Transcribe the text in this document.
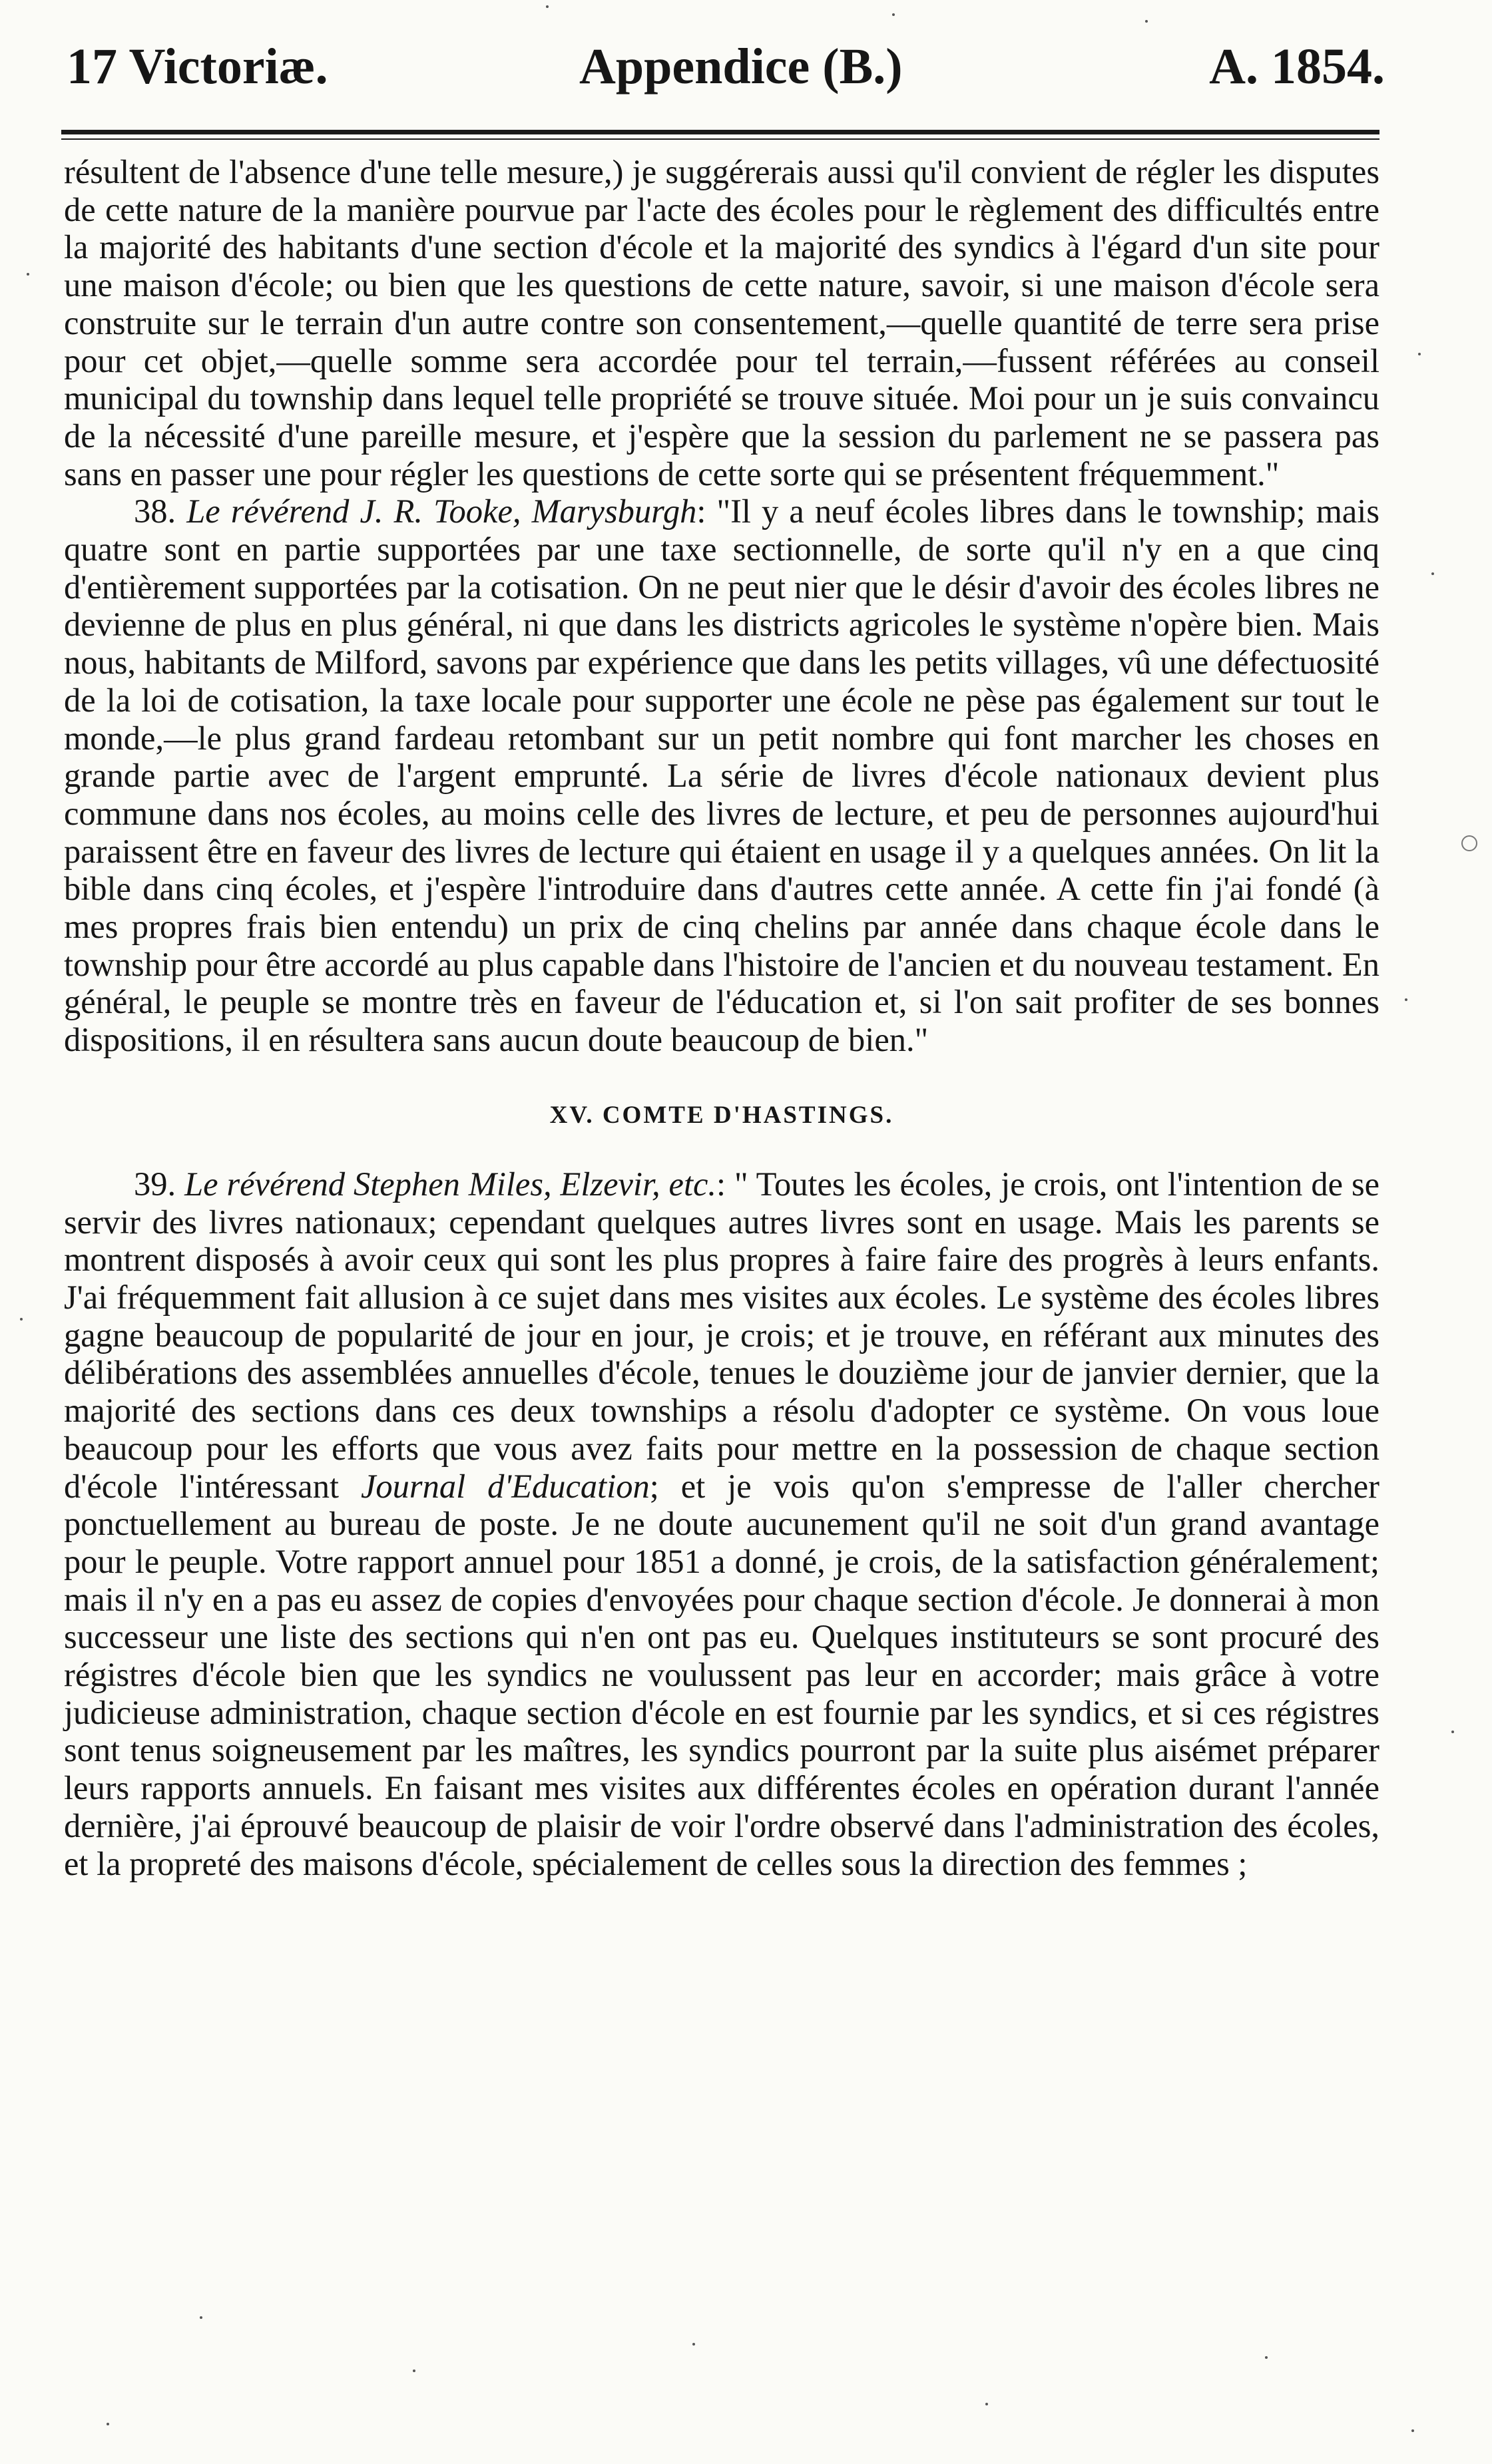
17 Victoriæ.	Appendice (B.)	A. 1854.

résultent de l'absence d'une telle mesure,) je suggérerais aussi qu'il convient de régler les disputes de cette nature de la manière pourvue par l'acte des écoles pour le règlement des difficultés entre la majorité des habitants d'une section d'école et la majorité des syndics à l'égard d'un site pour une maison d'école; ou bien que les questions de cette nature, savoir, si une maison d'école sera construite sur le terrain d'un autre contre son consentement,—quelle quantité de terre sera prise pour cet objet,—quelle somme sera accordée pour tel terrain,—fussent référées au conseil municipal du township dans lequel telle propriété se trouve située. Moi pour un je suis convaincu de la nécessité d'une pareille mesure, et j'espère que la session du parlement ne se passera pas sans en passer une pour régler les questions de cette sorte qui se présentent fréquemment."

38. Le révérend J. R. Tooke, Marysburgh: "Il y a neuf écoles libres dans le township; mais quatre sont en partie supportées par une taxe sectionnelle, de sorte qu'il n'y en a que cinq d'entièrement supportées par la cotisation. On ne peut nier que le désir d'avoir des écoles libres ne devienne de plus en plus général, ni que dans les districts agricoles le système n'opère bien. Mais nous, habitants de Milford, savons par expérience que dans les petits villages, vû une défectuosité de la loi de cotisation, la taxe locale pour supporter une école ne pèse pas également sur tout le monde,—le plus grand fardeau retombant sur un petit nombre qui font marcher les choses en grande partie avec de l'argent emprunté. La série de livres d'école nationaux devient plus commune dans nos écoles, au moins celle des livres de lecture, et peu de personnes aujourd'hui paraissent être en faveur des livres de lecture qui étaient en usage il y a quelques années. On lit la bible dans cinq écoles, et j'espère l'introduire dans d'autres cette année. A cette fin j'ai fondé (à mes propres frais bien entendu) un prix de cinq chelins par année dans chaque école dans le township pour être accordé au plus capable dans l'histoire de l'ancien et du nouveau testament. En général, le peuple se montre très en faveur de l'éducation et, si l'on sait profiter de ses bonnes dispositions, il en résultera sans aucun doute beaucoup de bien."

XV. COMTE D'HASTINGS.

39. Le révérend Stephen Miles, Elzevir, etc.: " Toutes les écoles, je crois, ont l'intention de se servir des livres nationaux; cependant quelques autres livres sont en usage. Mais les parents se montrent disposés à avoir ceux qui sont les plus propres à faire faire des progrès à leurs enfants. J'ai fréquemment fait allusion à ce sujet dans mes visites aux écoles. Le système des écoles libres gagne beaucoup de popularité de jour en jour, je crois; et je trouve, en référant aux minutes des délibérations des assemblées annuelles d'école, tenues le douzième jour de janvier dernier, que la majorité des sections dans ces deux townships a résolu d'adopter ce système. On vous loue beaucoup pour les efforts que vous avez faits pour mettre en la possession de chaque section d'école l'intéressant Journal d'Education; et je vois qu'on s'empresse de l'aller chercher ponctuellement au bureau de poste. Je ne doute aucunement qu'il ne soit d'un grand avantage pour le peuple. Votre rapport annuel pour 1851 a donné, je crois, de la satisfaction généralement; mais il n'y en a pas eu assez de copies d'envoyées pour chaque section d'école. Je donnerai à mon successeur une liste des sections qui n'en ont pas eu. Quelques instituteurs se sont procuré des régistres d'école bien que les syndics ne voulussent pas leur en accorder; mais grâce à votre judicieuse administration, chaque section d'école en est fournie par les syndics, et si ces régistres sont tenus soigneusement par les maîtres, les syndics pourront par la suite plus aisémet préparer leurs rapports annuels. En faisant mes visites aux différentes écoles en opération durant l'année dernière, j'ai éprouvé beaucoup de plaisir de voir l'ordre observé dans l'administration des écoles, et la propreté des maisons d'école, spécialement de celles sous la direction des femmes ;
